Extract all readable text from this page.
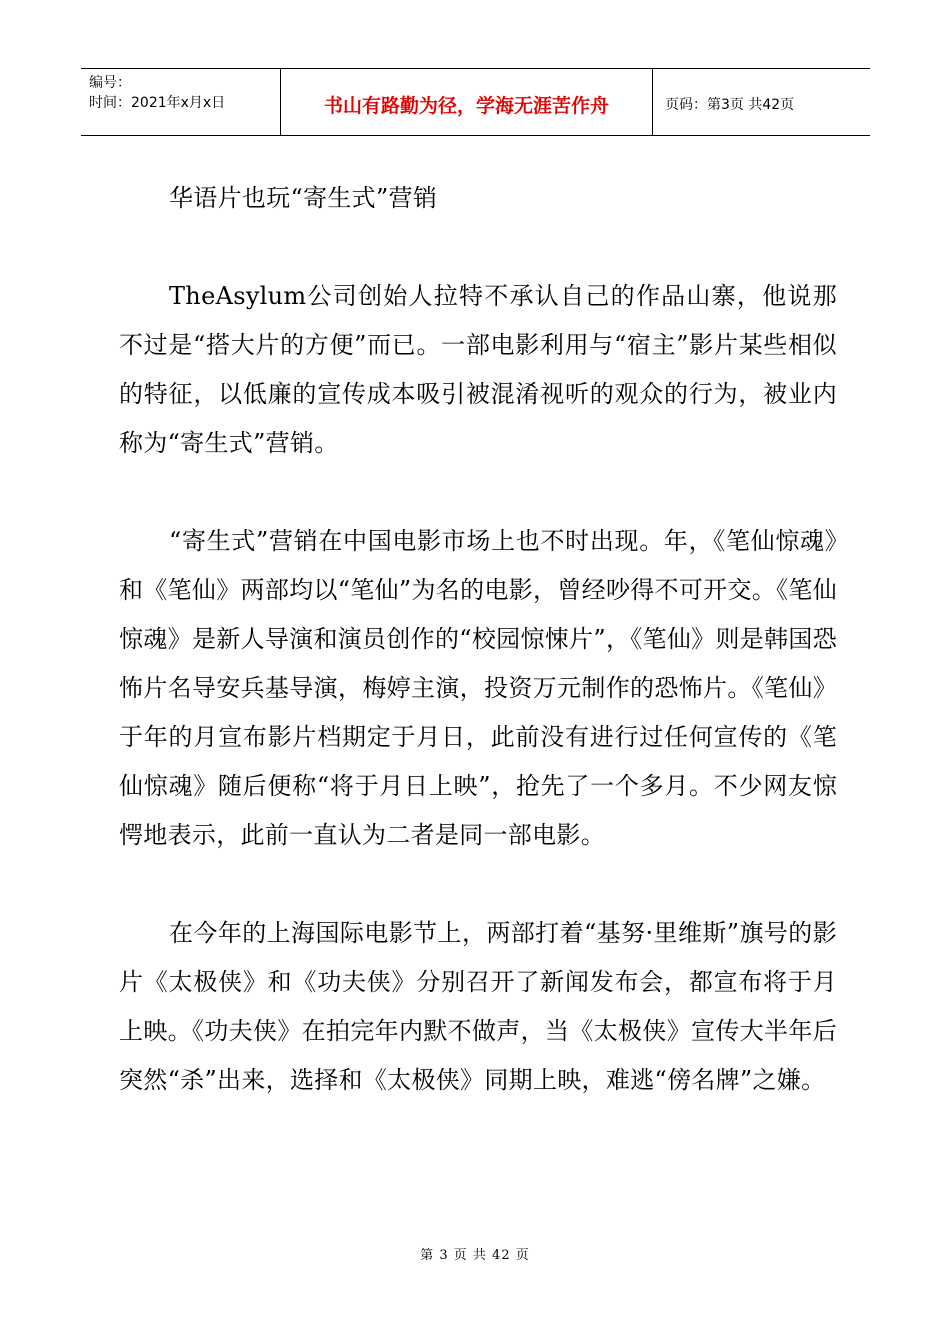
编号：
时间：2021年x月x日	书山有路勤为径，学海无涯苦作舟	页码：第3页 共42页

华语片也玩“寄生式”营销

TheAsylum公司创始人拉特不承认自己的作品山寨，他说那不过是“搭大片的方便”而已。一部电影利用与“宿主”影片某些相似的特征，以低廉的宣传成本吸引被混淆视听的观众的行为，被业内称为“寄生式”营销。

“寄生式”营销在中国电影市场上也不时出现。年，《笔仙惊魂》和《笔仙》两部均以“笔仙”为名的电影，曾经吵得不可开交。《笔仙惊魂》是新人导演和演员创作的“校园惊悚片”，《笔仙》则是韩国恐怖片名导安兵基导演，梅婷主演，投资万元制作的恐怖片。《笔仙》于年的月宣布影片档期定于月日，此前没有进行过任何宣传的《笔仙惊魂》随后便称“将于月日上映”，抢先了一个多月。不少网友惊愕地表示，此前一直认为二者是同一部电影。

在今年的上海国际电影节上，两部打着“基努·里维斯”旗号的影片《太极侠》和《功夫侠》分别召开了新闻发布会，都宣布将于月上映。《功夫侠》在拍完年内默不做声，当《太极侠》宣传大半年后突然“杀”出来，选择和《太极侠》同期上映，难逃“傍名牌”之嫌。

第 3 页 共 42 页
